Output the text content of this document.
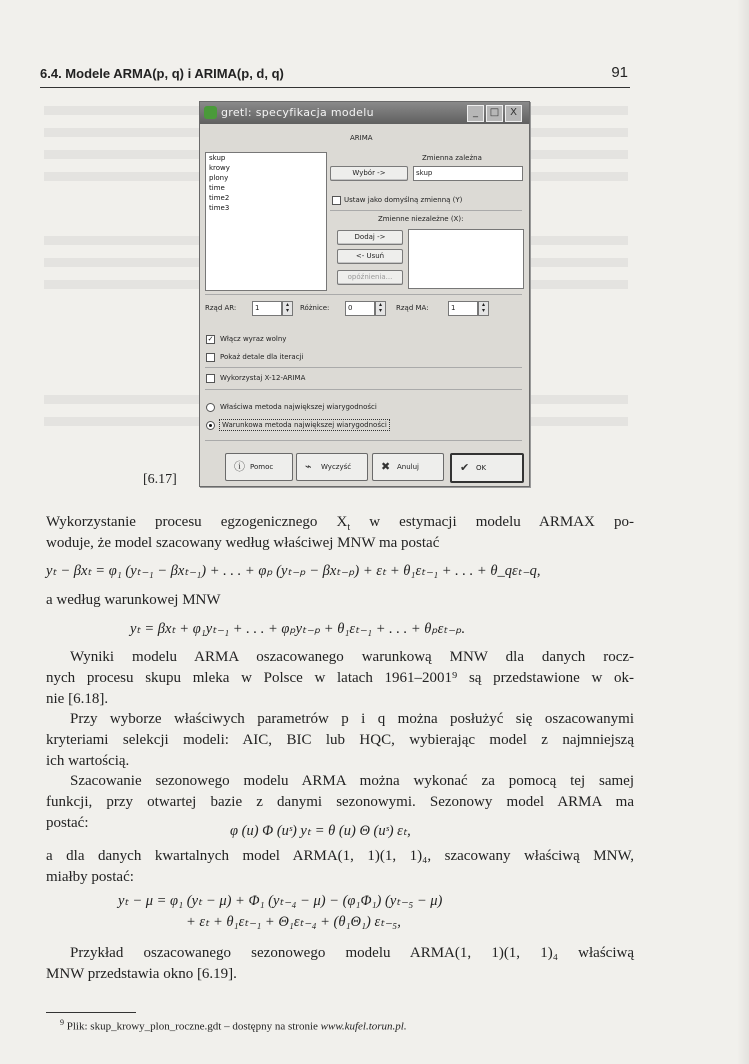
6.4. Modele ARMA(p, q) i ARIMA(p, d, q)	91
gretl: specyfikacja modelu	_	□	X
ARIMA
skup
krowy
plony
time
time2
time3
Zmienna zależna
Wybór ->	skup
Ustaw jako domyślną zmienną (Y)
Zmienne niezależne (X):
Dodaj ->
<- Usuń
opóźnienia...
Rząd AR:	1	▴
▾	Różnice:	0	▴
▾	Rząd MA:	1	▴
▾
✓ Włącz wyraz wolny
Pokaż detale dla iteracji
Wykorzystaj X-12-ARIMA
Właściwa metoda największej wiarygodności
Warunkowa metoda największej wiarygodności
ⓘ Pomoc	⌁	Wyczyść	✖ Anuluj	✔ OK
[6.17]
Wykorzystanie procesu egzogenicznego $X_t$ w estymacji modelu ARMAX po-
woduje, że model szacowany według właściwej MNW ma postać
yₜ − βxₜ = φ₁ (yₜ₋₁ − βxₜ₋₁) + . . . + φₚ (yₜ₋ₚ − βxₜ₋ₚ) + εₜ + θ₁εₜ₋₁ + . . . + θ_qεₜ₋q,
a według warunkowej MNW
yₜ = βxₜ + φ₁yₜ₋₁ + . . . + φₚyₜ₋ₚ + θ₁εₜ₋₁ + . . . + θₚεₜ₋ₚ.
Wyniki modelu ARMA oszacowanego warunkową MNW dla danych rocz-
nych procesu skupu mleka w Polsce w latach 1961–2001⁹ są przedstawione w ok-
nie [6.18].
Przy wyborze właściwych parametrów p i q można posłużyć się oszacowanymi
kryteriami selekcji modeli: AIC, BIC lub HQC, wybierając model z najmniejszą
ich wartością.
Szacowanie sezonowego modelu ARMA można wykonać za pomocą tej samej
funkcji, przy otwartej bazie z danymi sezonowymi. Sezonowy model ARMA ma
postać:	φ (u) Φ (uˢ) yₜ = θ (u) Θ (uˢ) εₜ,
a dla danych kwartalnych model ARMA(1, 1)(1, 1)₄, szacowany właściwą MNW,
miałby postać:
yₜ − μ = φ₁ (yₜ − μ) + Φ₁ (yₜ₋₄ − μ) − (φ₁Φ₁) (yₜ₋₅ − μ)
+ εₜ + θ₁εₜ₋₁ + Θ₁εₜ₋₄ + (θ₁Θ₁) εₜ₋₅,
Przykład oszacowanego sezonowego modelu ARMA(1, 1)(1, 1)₄ właściwą
MNW przedstawia okno [6.19].
$^9$ Plik: skup_krowy_plon_roczne.gdt – dostępny na stronie www.kufel.torun.pl.
